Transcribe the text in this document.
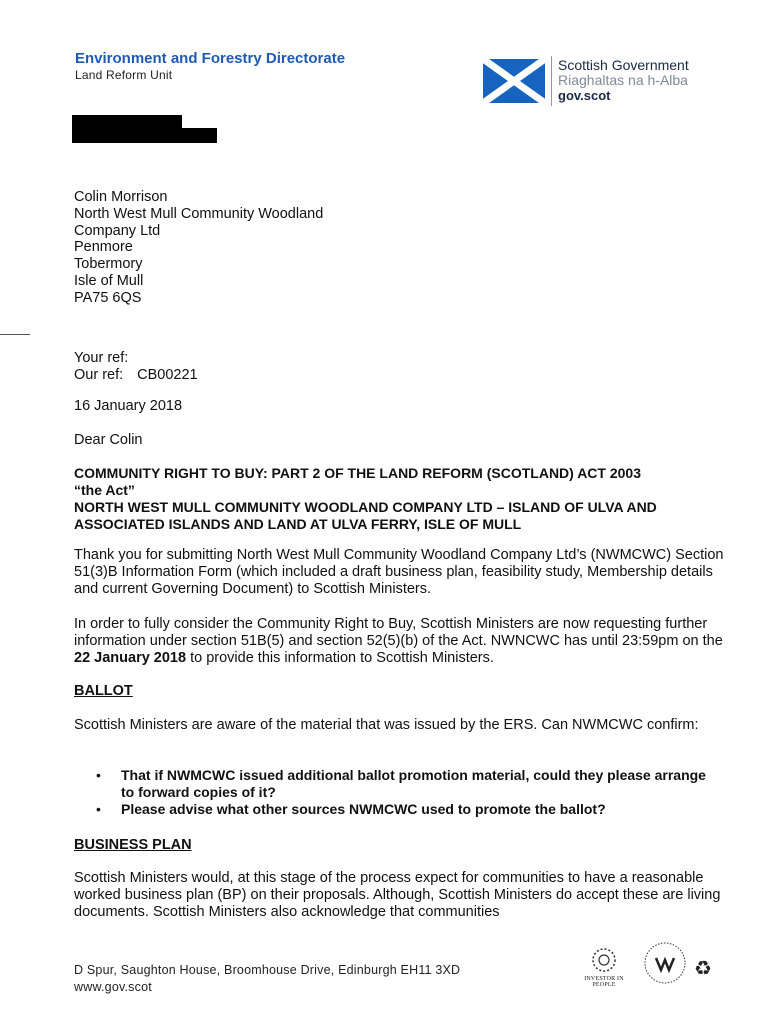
Environment and Forestry Directorate
Land Reform Unit
Scottish Government
Riaghaltas na h-Alba
gov.scot
Colin Morrison
North West Mull Community Woodland
Company Ltd
Penmore
Tobermory
Isle of Mull
PA75 6QS
Your ref:
Our ref: CB00221
16 January 2018
Dear Colin
COMMUNITY RIGHT TO BUY: PART 2 OF THE LAND REFORM (SCOTLAND) ACT 2003
“the Act”
NORTH WEST MULL COMMUNITY WOODLAND COMPANY LTD – ISLAND OF ULVA AND ASSOCIATED ISLANDS AND LAND AT ULVA FERRY, ISLE OF MULL
Thank you for submitting North West Mull Community Woodland Company Ltd’s (NWMCWC) Section 51(3)B Information Form (which included a draft business plan, feasibility study, Membership details and current Governing Document) to Scottish Ministers.
In order to fully consider the Community Right to Buy, Scottish Ministers are now requesting further information under section 51B(5) and section 52(5)(b) of the Act. NWNCWC has until 23:59pm on the 22 January 2018 to provide this information to Scottish Ministers.
BALLOT
Scottish Ministers are aware of the material that was issued by the ERS. Can NWMCWC confirm:
• That if NWMCWC issued additional ballot promotion material, could they please arrange to forward copies of it?
• Please advise what other sources NWMCWC used to promote the ballot?
BUSINESS PLAN
Scottish Ministers would, at this stage of the process expect for communities to have a reasonable worked business plan (BP) on their proposals. Although, Scottish Ministers do accept these are living documents. Scottish Ministers also acknowledge that communities
D Spur, Saughton House, Broomhouse Drive, Edinburgh EH11 3XD
www.gov.scot
INVESTOR IN PEOPLE
♻
